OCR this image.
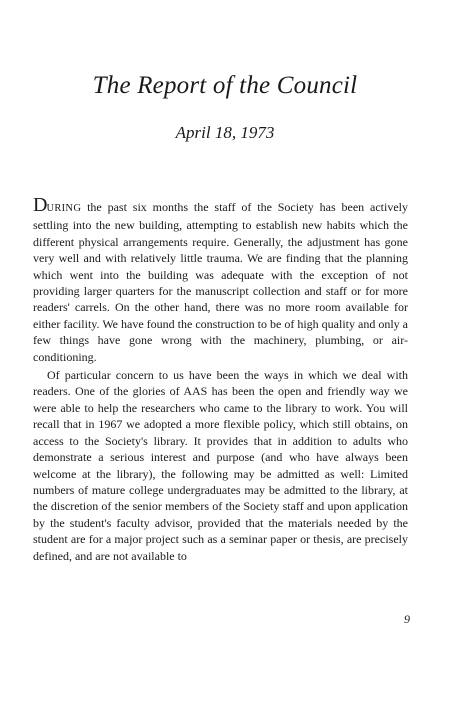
The Report of the Council
April 18, 1973

DURING the past six months the staff of the Society has been actively settling into the new building, attempting to establish new habits which the different physical arrangements require. Generally, the adjustment has gone very well and with relatively little trauma. We are finding that the planning which went into the building was adequate with the exception of not providing larger quarters for the manuscript collection and staff or for more readers' carrels. On the other hand, there was no more room available for either facility. We have found the construction to be of high quality and only a few things have gone wrong with the machinery, plumbing, or air-conditioning.

Of particular concern to us have been the ways in which we deal with readers. One of the glories of AAS has been the open and friendly way we were able to help the researchers who came to the library to work. You will recall that in 1967 we adopted a more flexible policy, which still obtains, on access to the Society's library. It provides that in addition to adults who demonstrate a serious interest and purpose (and who have always been welcome at the library), the following may be admitted as well: Limited numbers of mature college undergraduates may be admitted to the library, at the discretion of the senior members of the Society staff and upon application by the student's faculty advisor, provided that the materials needed by the student are for a major project such as a seminar paper or thesis, are precisely defined, and are not available to

9
